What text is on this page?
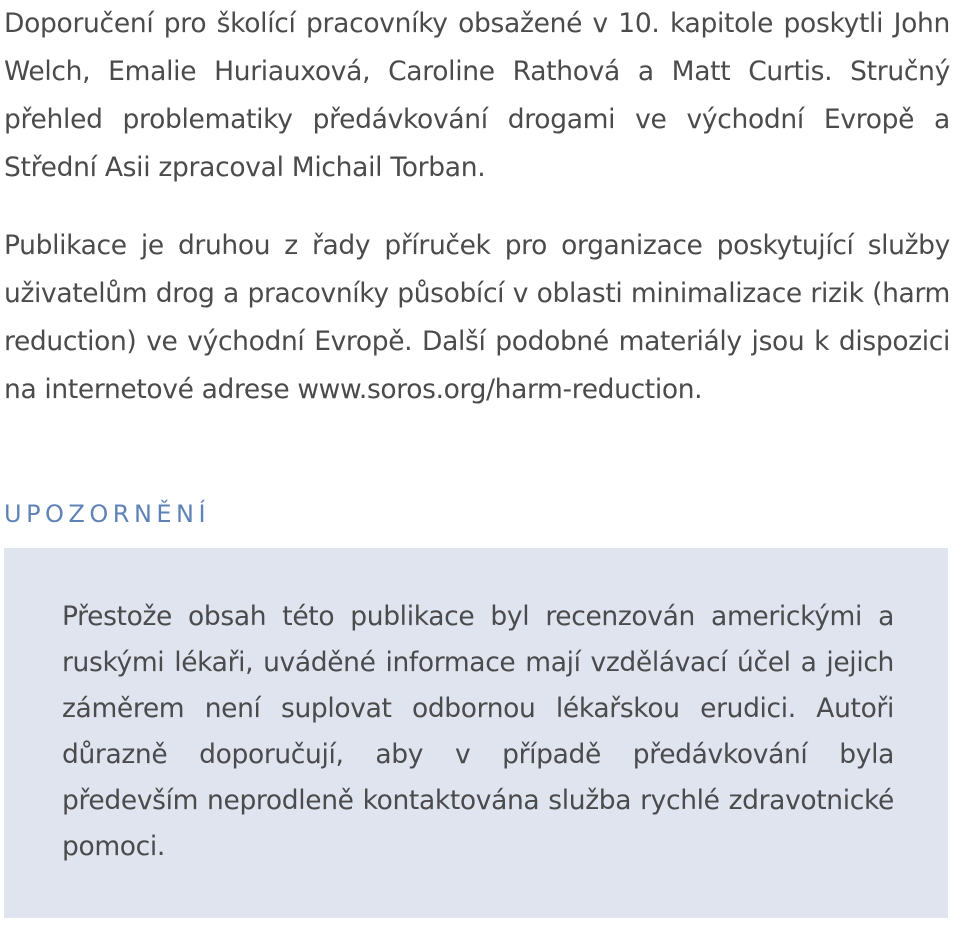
Doporučení pro školící pracovníky obsažené v 10. kapitole poskytli John Welch, Emalie Huriauxová, Caroline Rathová a Matt Curtis. Stručný přehled problematiky předávkování drogami ve východní Evropě a Střední Asii zpracoval Michail Torban.

Publikace je druhou z řady příruček pro organizace poskytující služby uživatelům drog a pracovníky působící v oblasti minimalizace rizik (harm reduction) ve východní Evropě. Další podobné materiály jsou k dispozici na internetové adrese www.soros.org/harm-reduction.

UPOZORNĚNÍ

Přestože obsah této publikace byl recenzován americkými a ruskými lékaři, uváděné informace mají vzdělávací účel a jejich záměrem není suplovat odbornou lékařskou erudici. Autoři důrazně doporučují, aby v případě předávkování byla především neprodleně kontaktována služba rychlé zdravotnické pomoci.
